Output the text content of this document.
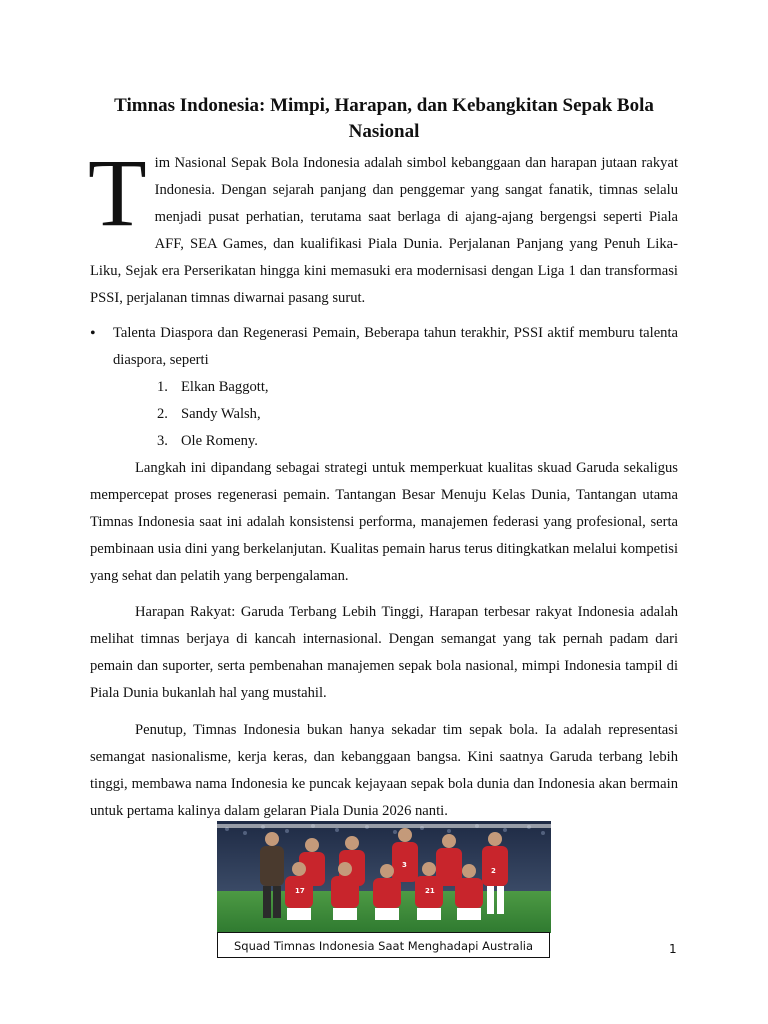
Timnas Indonesia: Mimpi, Harapan, dan Kebangkitan Sepak Bola Nasional

Tim Nasional Sepak Bola Indonesia adalah simbol kebanggaan dan harapan jutaan rakyat Indonesia. Dengan sejarah panjang dan penggemar yang sangat fanatik, timnas selalu menjadi pusat perhatian, terutama saat berlaga di ajang-ajang bergengsi seperti Piala AFF, SEA Games, dan kualifikasi Piala Dunia. Perjalanan Panjang yang Penuh Lika-Liku, Sejak era Perserikatan hingga kini memasuki era modernisasi dengan Liga 1 dan transformasi PSSI, perjalanan timnas diwarnai pasang surut.

• Talenta Diaspora dan Regenerasi Pemain, Beberapa tahun terakhir, PSSI aktif memburu talenta diaspora, seperti
1. Elkan Baggott,
2. Sandy Walsh,
3. Ole Romeny.

Langkah ini dipandang sebagai strategi untuk memperkuat kualitas skuad Garuda sekaligus mempercepat proses regenerasi pemain. Tantangan Besar Menuju Kelas Dunia, Tantangan utama Timnas Indonesia saat ini adalah konsistensi performa, manajemen federasi yang profesional, serta pembinaan usia dini yang berkelanjutan. Kualitas pemain harus terus ditingkatkan melalui kompetisi yang sehat dan pelatih yang berpengalaman.

Harapan Rakyat: Garuda Terbang Lebih Tinggi, Harapan terbesar rakyat Indonesia adalah melihat timnas berjaya di kancah internasional. Dengan semangat yang tak pernah padam dari pemain dan suporter, serta pembenahan manajemen sepak bola nasional, mimpi Indonesia tampil di Piala Dunia bukanlah hal yang mustahil.

Penutup, Timnas Indonesia bukan hanya sekadar tim sepak bola. Ia adalah representasi semangat nasionalisme, kerja keras, dan kebanggaan bangsa. Kini saatnya Garuda terbang lebih tinggi, membawa nama Indonesia ke puncak kejayaan sepak bola dunia dan Indonesia akan bermain untuk pertama kalinya dalam gelaran Piala Dunia 2026 nanti.

17	21
2
3
Squad Timnas Indonesia Saat Menghadapi Australia	1
